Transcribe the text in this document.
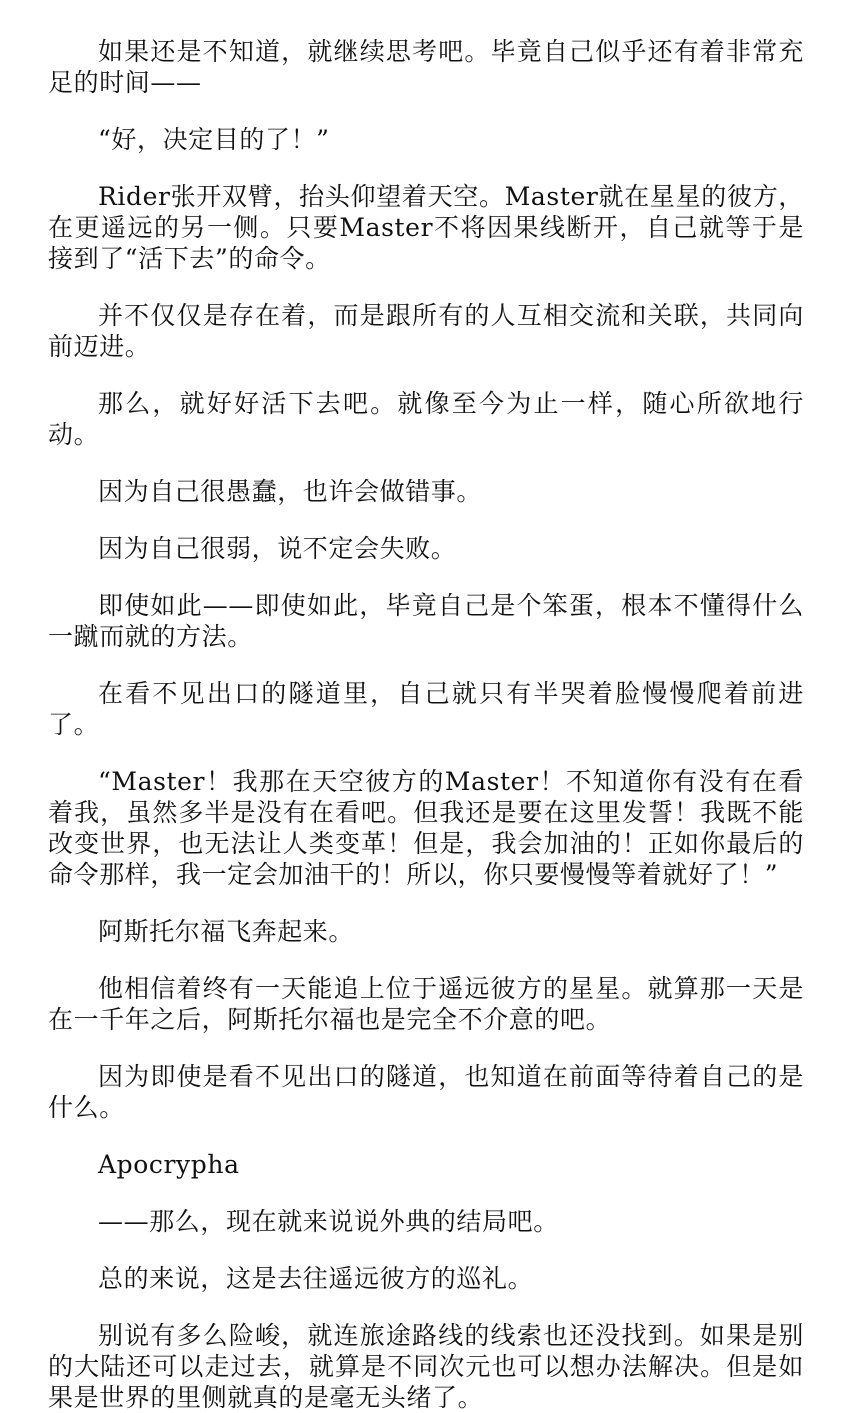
如果还是不知道，就继续思考吧。毕竟自己似乎还有着非常充足的时间——

“好，决定目的了！”

Rider张开双臂，抬头仰望着天空。Master就在星星的彼方，在更遥远的另一侧。只要Master不将因果线断开，自己就等于是接到了“活下去”的命令。

并不仅仅是存在着，而是跟所有的人互相交流和关联，共同向前迈进。

那么，就好好活下去吧。就像至今为止一样，随心所欲地行动。

因为自己很愚蠢，也许会做错事。

因为自己很弱，说不定会失败。

即使如此——即使如此，毕竟自己是个笨蛋，根本不懂得什么一蹴而就的方法。

在看不见出口的隧道里，自己就只有半哭着脸慢慢爬着前进了。

“Master！我那在天空彼方的Master！不知道你有没有在看着我，虽然多半是没有在看吧。但我还是要在这里发誓！我既不能改变世界，也无法让人类变革！但是，我会加油的！正如你最后的命令那样，我一定会加油干的！所以，你只要慢慢等着就好了！”

阿斯托尔福飞奔起来。

他相信着终有一天能追上位于遥远彼方的星星。就算那一天是在一千年之后，阿斯托尔福也是完全不介意的吧。

因为即使是看不见出口的隧道，也知道在前面等待着自己的是什么。

Apocrypha

——那么，现在就来说说外典的结局吧。

总的来说，这是去往遥远彼方的巡礼。

别说有多么险峻，就连旅途路线的线索也还没找到。如果是别的大陆还可以走过去，就算是不同次元也可以想办法解决。但是如果是世界的里侧就真的是毫无头绪了。
